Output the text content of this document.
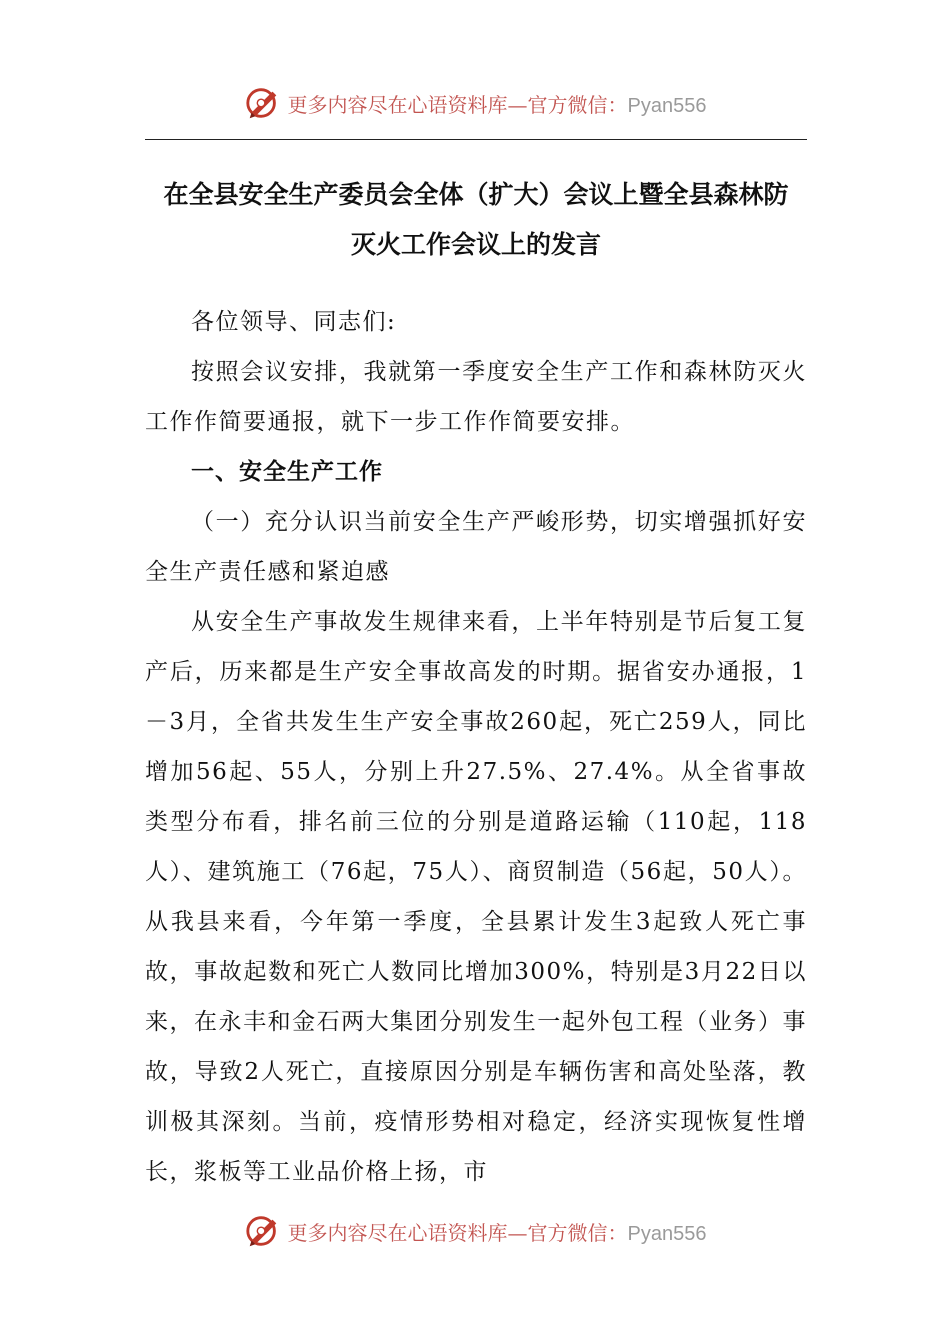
更多内容尽在心语资料库—官方微信：Pyan556
在全县安全生产委员会全体（扩大）会议上暨全县森林防
灭火工作会议上的发言

各位领导、同志们:

按照会议安排，我就第一季度安全生产工作和森林防灭火工作作简要通报，就下一步工作作简要安排。

一、安全生产工作

（一）充分认识当前安全生产严峻形势，切实增强抓好安全生产责任感和紧迫感

从安全生产事故发生规律来看，上半年特别是节后复工复产后，历来都是生产安全事故高发的时期。据省安办通报，1－3月，全省共发生生产安全事故260起，死亡259人，同比增加56起、55人，分别上升27.5%、27.4%。从全省事故类型分布看，排名前三位的分别是道路运输（110起，118人）、建筑施工（76起，75人）、商贸制造（56起，50人）。从我县来看，今年第一季度，全县累计发生3起致人死亡事故，事故起数和死亡人数同比增加300%，特别是3月22日以来，在永丰和金石两大集团分别发生一起外包工程（业务）事故，导致2人死亡，直接原因分别是车辆伤害和高处坠落，教训极其深刻。当前，疫情形势相对稳定，经济实现恢复性增长，浆板等工业品价格上扬，市

更多内容尽在心语资料库—官方微信：Pyan556
